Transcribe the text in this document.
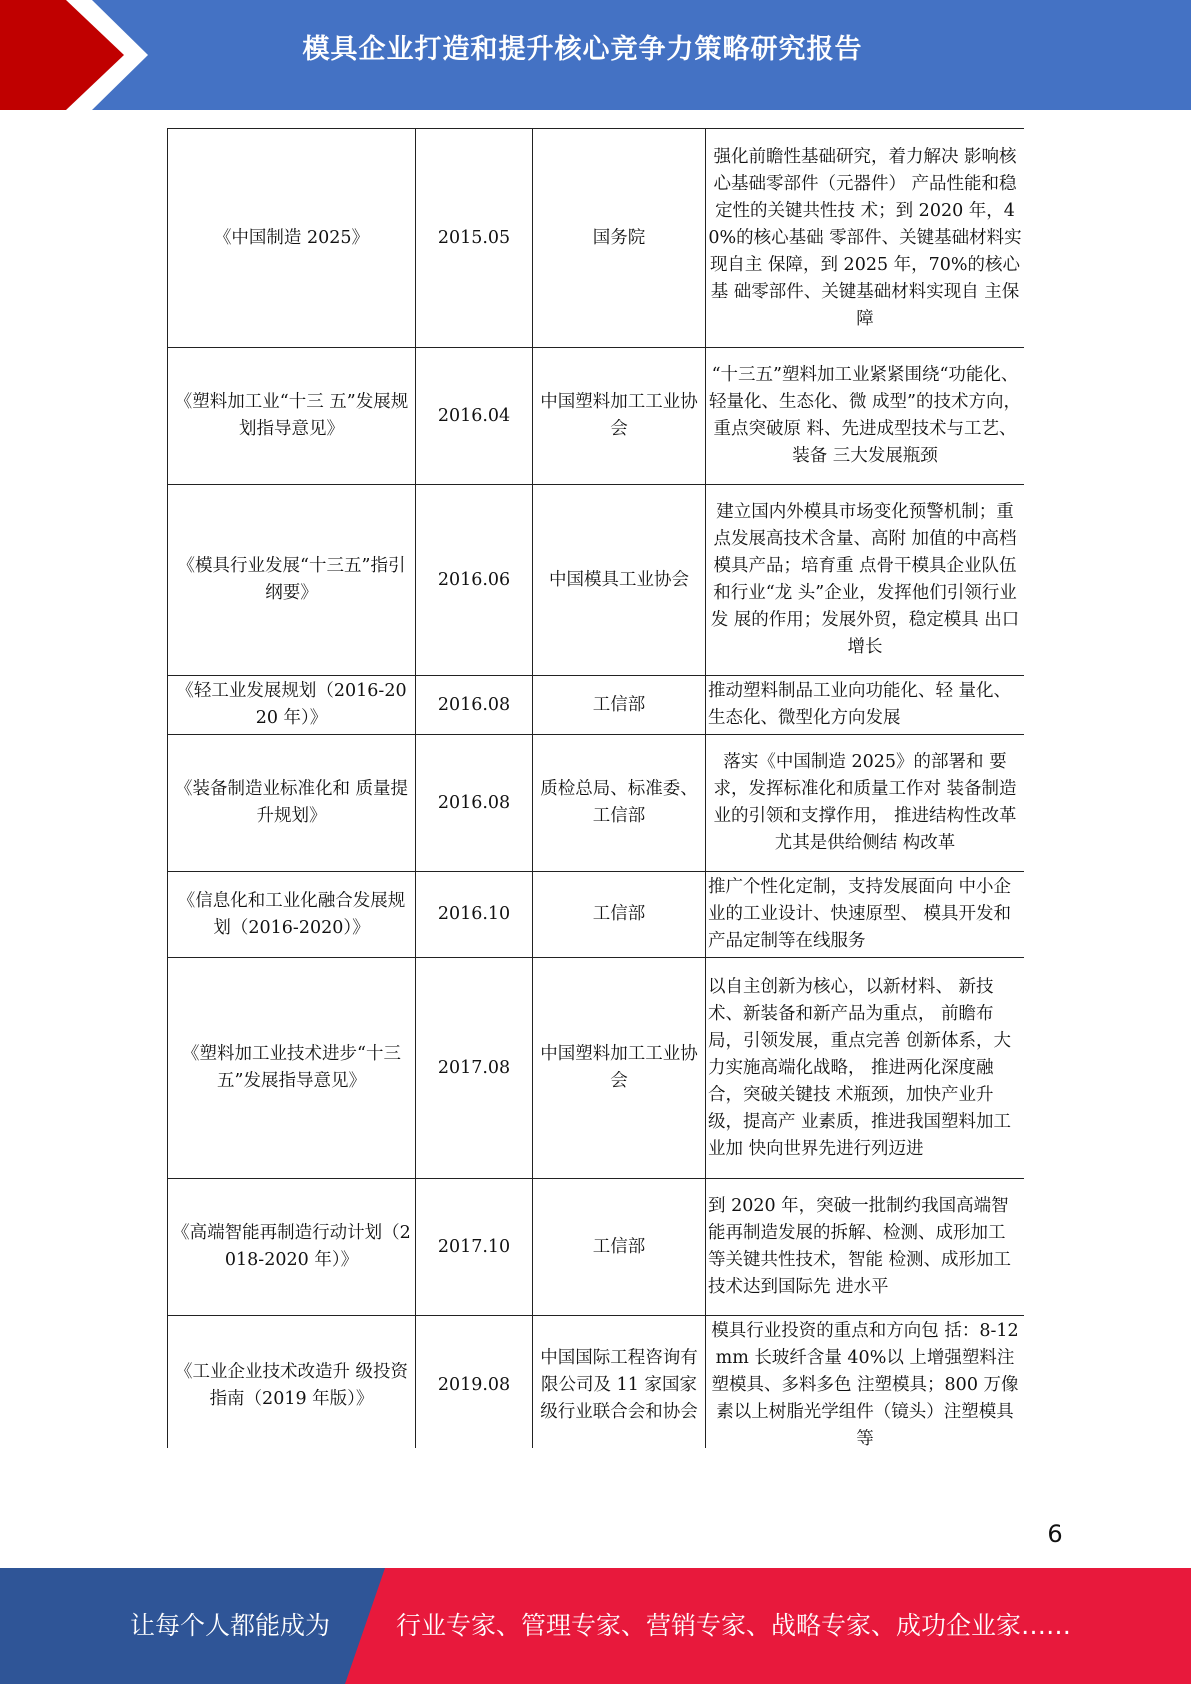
模具企业打造和提升核心竞争力策略研究报告
《中国制造 2025》	2015.05	国务院	强化前瞻性基础研究，着力解决 影响核心基础零部件（元器件） 产品性能和稳定性的关键共性技 术；到 2020 年，40%的核心基础 零部件、关键基础材料实现自主 保障，到 2025 年，70%的核心基 础零部件、关键基础材料实现自 主保障
《塑料加工业“十三 五”发展规划指导意见》	2016.04	中国塑料加工工业协会	“十三五”塑料加工业紧紧围绕“功能化、轻量化、生态化、微 成型”的技术方向，重点突破原 料、先进成型技术与工艺、装备 三大发展瓶颈
《模具行业发展“十三五”指引纲要》	2016.06	中国模具工业协会	建立国内外模具市场变化预警机制；重点发展高技术含量、高附 加值的中高档模具产品；培育重 点骨干模具企业队伍和行业“龙 头”企业，发挥他们引领行业发 展的作用；发展外贸，稳定模具 出口增长
《轻工业发展规划（2016-2020 年）》	2016.08	工信部	推动塑料制品工业向功能化、轻 量化、生态化、微型化方向发展
《装备制造业标准化和 质量提升规划》	2016.08	质检总局、标准委、工信部	落实《中国制造 2025》的部署和 要求，发挥标准化和质量工作对 装备制造业的引领和支撑作用， 推进结构性改革尤其是供给侧结 构改革
《信息化和工业化融合发展规划（2016-2020）》	2016.10	工信部	推广个性化定制，支持发展面向 中小企业的工业设计、快速原型、 模具开发和产品定制等在线服务
《塑料加工业技术进步“十三五”发展指导意见》	2017.08	中国塑料加工工业协会	以自主创新为核心，以新材料、 新技术、新装备和新产品为重点， 前瞻布局，引领发展，重点完善 创新体系，大力实施高端化战略， 推进两化深度融合，突破关键技 术瓶颈，加快产业升级，提高产 业素质，推进我国塑料加工业加 快向世界先进行列迈进
《高端智能再制造行动计划（2018-2020 年）》	2017.10	工信部	到 2020 年，突破一批制约我国高端智能再制造发展的拆解、检测、成形加工等关键共性技术，智能 检测、成形加工技术达到国际先 进水平
《工业企业技术改造升 级投资指南（2019 年版）》	2019.08	中国国际工程咨询有限公司及 11 家国家级行业联合会和协会	模具行业投资的重点和方向包 括：8-12mm 长玻纤含量 40%以 上增强塑料注塑模具、多料多色 注塑模具；800 万像素以上树脂光学组件（镜头）注塑模具等
6
让每个人都能成为	行业专家、管理专家、营销专家、战略专家、成功企业家……
